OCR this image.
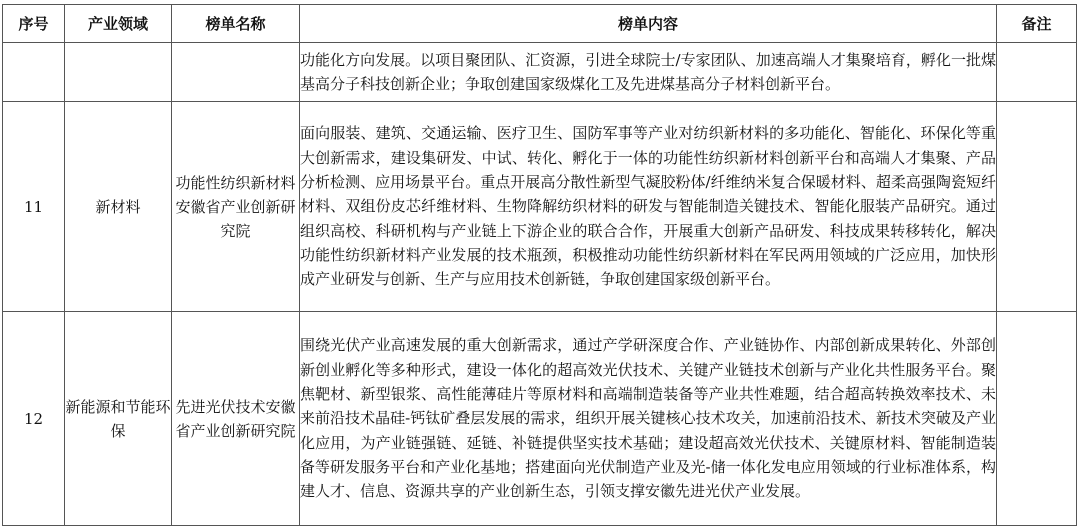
序号	产业领域	榜单名称	榜单内容	备注
			功能化方向发展。以项目聚团队、汇资源，引进全球院士/专家团队、加速高端人才集聚培育，孵化一批煤基高分子科技创新企业；争取创建国家级煤化工及先进煤基高分子材料创新平台。	
11	新材料	功能性纺织新材料安徽省产业创新研究院	面向服装、建筑、交通运输、医疗卫生、国防军事等产业对纺织新材料的多功能化、智能化、环保化等重大创新需求，建设集研发、中试、转化、孵化于一体的功能性纺织新材料创新平台和高端人才集聚、产品分析检测、应用场景平台。重点开展高分散性新型气凝胶粉体/纤维纳米复合保暖材料、超柔高强陶瓷短纤材料、双组份皮芯纤维材料、生物降解纺织材料的研发与智能制造关键技术、智能化服装产品研究。通过组织高校、科研机构与产业链上下游企业的联合合作，开展重大创新产品研发、科技成果转移转化，解决功能性纺织新材料产业发展的技术瓶颈，积极推动功能性纺织新材料在军民两用领域的广泛应用，加快形成产业研发与创新、生产与应用技术创新链，争取创建国家级创新平台。	
12	新能源和节能环保	先进光伏技术安徽省产业创新研究院	围绕光伏产业高速发展的重大创新需求，通过产学研深度合作、产业链协作、内部创新成果转化、外部创新创业孵化等多种形式，建设一体化的超高效光伏技术、关键产业链技术创新与产业化共性服务平台。聚焦靶材、新型银浆、高性能薄硅片等原材料和高端制造装备等产业共性难题，结合超高转换效率技术、未来前沿技术晶硅-钙钛矿叠层发展的需求，组织开展关键核心技术攻关，加速前沿技术、新技术突破及产业化应用，为产业链强链、延链、补链提供坚实技术基础；建设超高效光伏技术、关键原材料、智能制造装备等研发服务平台和产业化基地；搭建面向光伏制造产业及光-储一体化发电应用领域的行业标准体系，构建人才、信息、资源共享的产业创新生态，引领支撑安徽先进光伏产业发展。	
